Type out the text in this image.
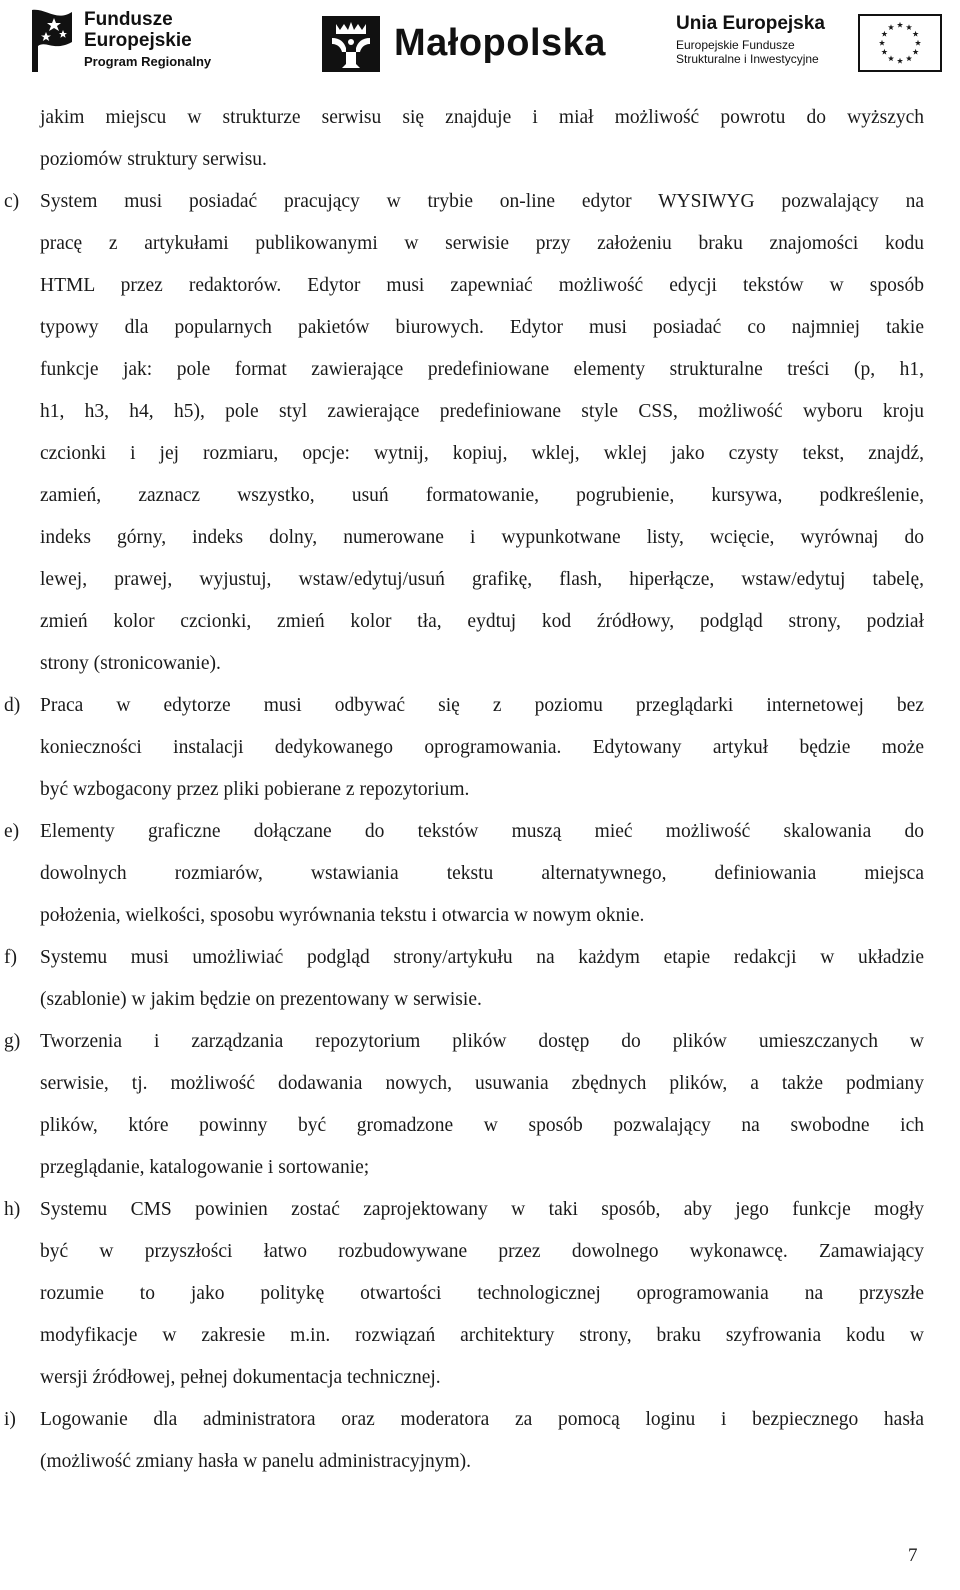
Fundusze
Europejskie
Program Regionalny	Małopolska	Unia Europejska
Europejskie Fundusze
Strukturalne i Inwestycyjne
jakim miejscu w strukturze serwisu się znajduje i miał możliwość powrotu do wyższych
poziomów struktury serwisu.
c) System musi posiadać pracujący w trybie on-line edytor WYSIWYG pozwalający na
pracę z artykułami publikowanymi w serwisie przy założeniu braku znajomości kodu
HTML przez redaktorów. Edytor musi zapewniać możliwość edycji tekstów w sposób
typowy dla popularnych pakietów biurowych. Edytor musi posiadać co najmniej takie
funkcje jak: pole format zawierające predefiniowane elementy strukturalne treści (p, h1,
h1, h3, h4, h5), pole styl zawierające predefiniowane style CSS, możliwość wyboru kroju
czcionki i jej rozmiaru, opcje: wytnij, kopiuj, wklej, wklej jako czysty tekst, znajdź,
zamień, zaznacz wszystko, usuń formatowanie, pogrubienie, kursywa, podkreślenie,
indeks górny, indeks dolny, numerowane i wypunkotwane listy, wcięcie, wyrównaj do
lewej, prawej, wyjustuj, wstaw/edytuj/usuń grafikę, flash, hiperłącze, wstaw/edytuj tabelę,
zmień kolor czcionki, zmień kolor tła, eydtuj kod źródłowy, podgląd strony, podział
strony (stronicowanie).
d) Praca w edytorze musi odbywać się z poziomu przeglądarki internetowej bez
konieczności instalacji dedykowanego oprogramowania. Edytowany artykuł będzie może
być wzbogacony przez pliki pobierane z repozytorium.
e) Elementy graficzne dołączane do tekstów muszą mieć możliwość skalowania do
dowolnych rozmiarów, wstawiania tekstu alternatywnego, definiowania miejsca
położenia, wielkości, sposobu wyrównania tekstu i otwarcia w nowym oknie.
f) Systemu musi umożliwiać podgląd strony/artykułu na każdym etapie redakcji w układzie
(szablonie) w jakim będzie on prezentowany w serwisie.
g) Tworzenia i zarządzania repozytorium plików dostęp do plików umieszczanych w
serwisie, tj. możliwość dodawania nowych, usuwania zbędnych plików, a także podmiany
plików, które powinny być gromadzone w sposób pozwalający na swobodne ich
przeglądanie, katalogowanie i sortowanie;
h) Systemu CMS powinien zostać zaprojektowany w taki sposób, aby jego funkcje mogły
być w przyszłości łatwo rozbudowywane przez dowolnego wykonawcę. Zamawiający
rozumie to jako politykę otwartości technologicznej oprogramowania na przyszłe
modyfikacje w zakresie m.in. rozwiązań architektury strony, braku szyfrowania kodu w
wersji źródłowej, pełnej dokumentacja technicznej.
i) Logowanie dla administratora oraz moderatora za pomocą loginu i bezpiecznego hasła
(możliwość zmiany hasła w panelu administracyjnym).
7
